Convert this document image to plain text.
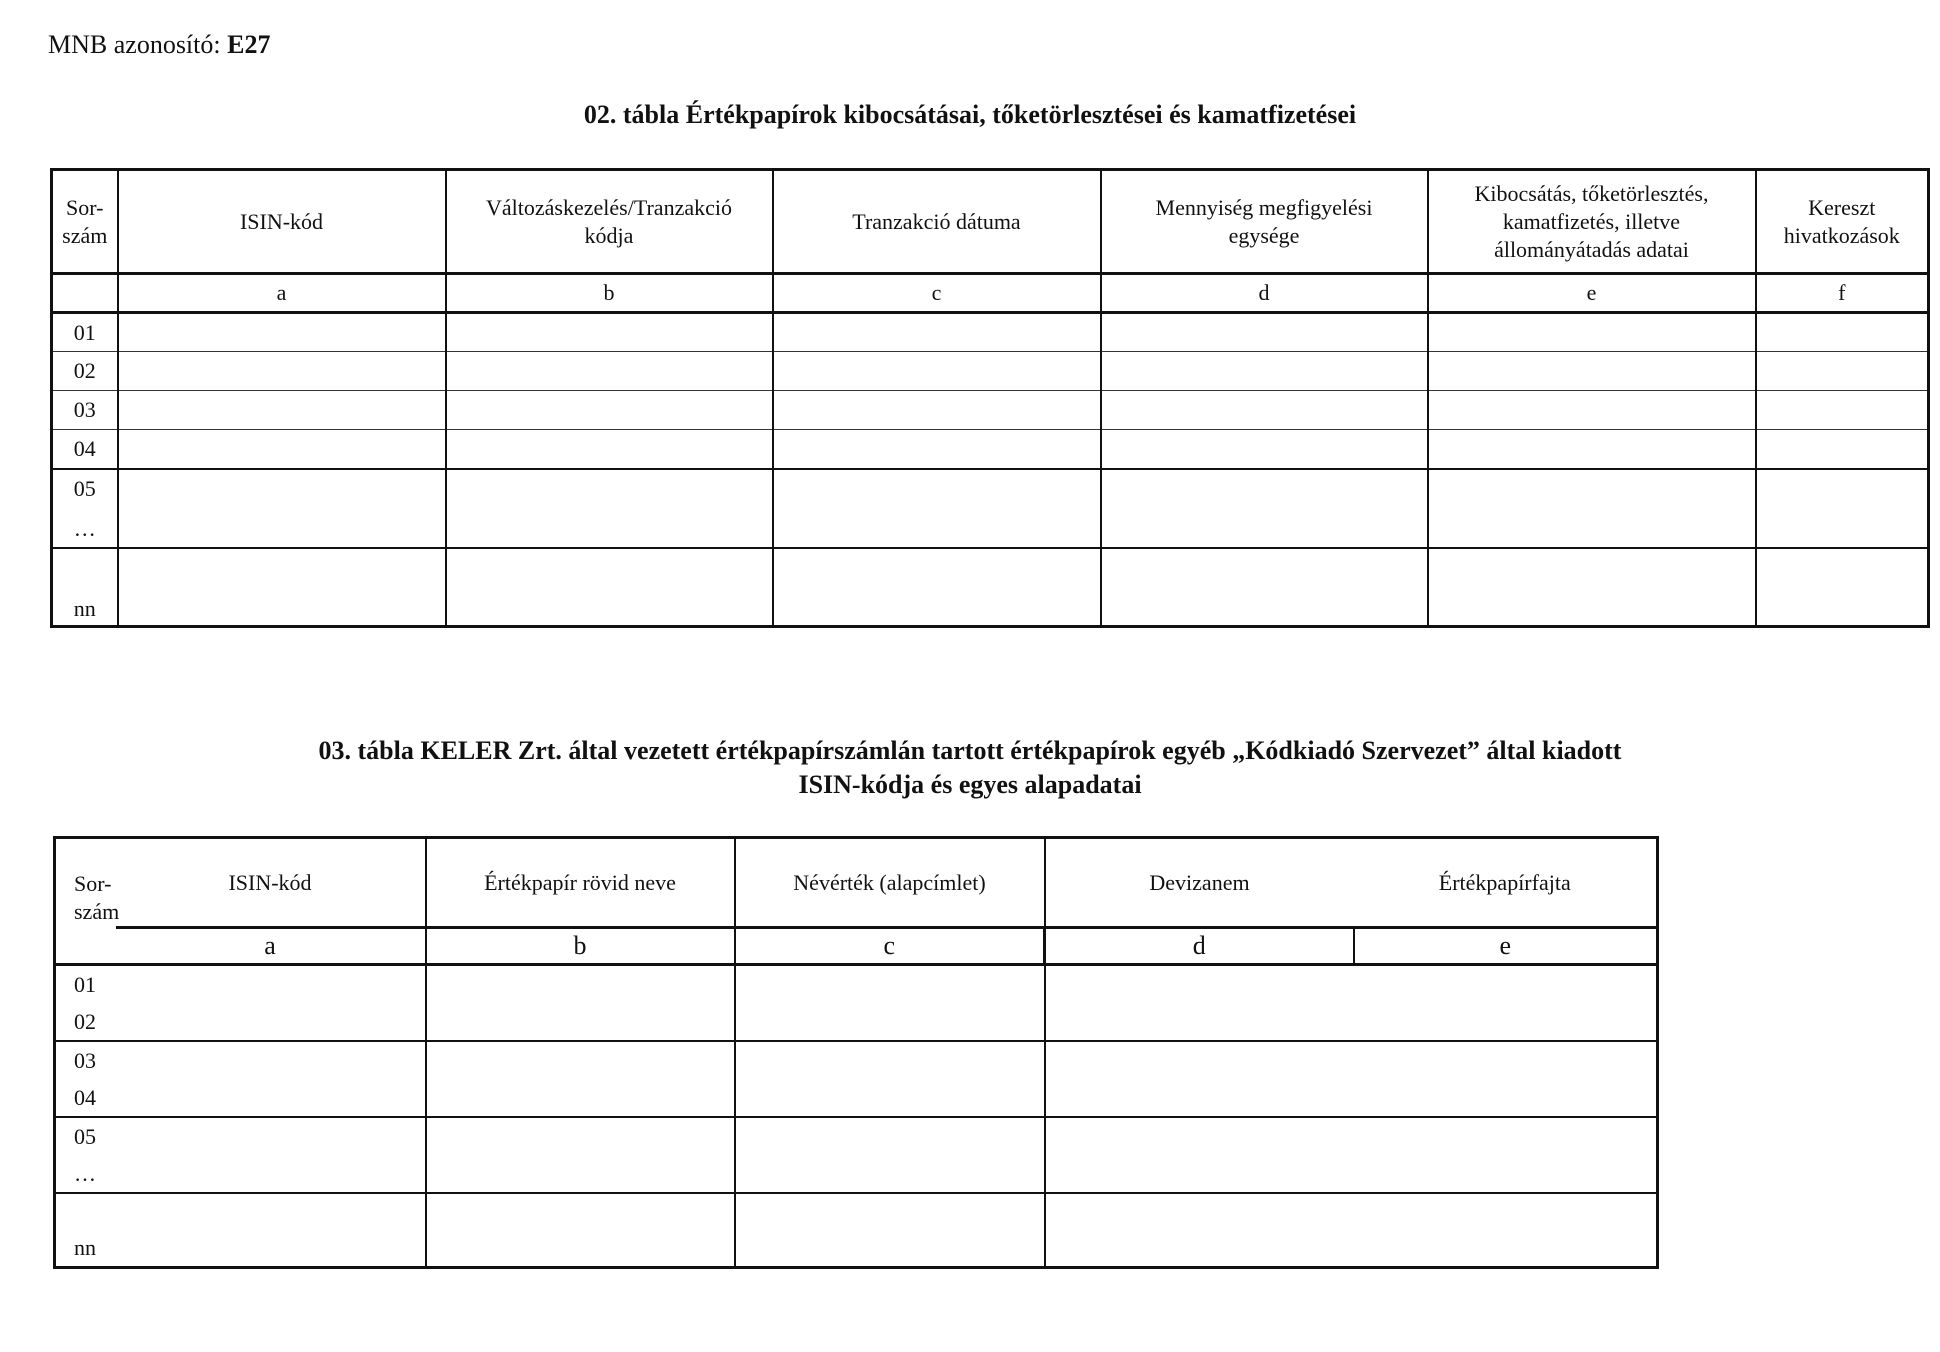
MNB azonosító: E27
02. tábla Értékpapírok kibocsátásai, tőketörlesztései és kamatfizetései
Sor-
szám	ISIN-kód	Változáskezelés/Tranzakció kódja	Tranzakció dátuma	Mennyiség megfigyelési egysége	Kibocsátás, tőketörlesztés, kamatfizetés, illetve állományátadás adatai	Kereszt hivatkozások
	a	b	c	d	e	f
01						
02						
03						
04						

05
…						

nn						
03. tábla KELER Zrt. által vezetett értékpapírszámlán tartott értékpapírok egyéb „Kódkiadó Szervezet” által kiadott
ISIN-kódja és egyes alapadatai
Sor-
szám	ISIN-kód	Értékpapír rövid neve	Névérték (alapcímlet)	Devizanem	Értékpapírfajta
	a	b	c	d	e

01
02					

03
04					

05
…					

nn					
